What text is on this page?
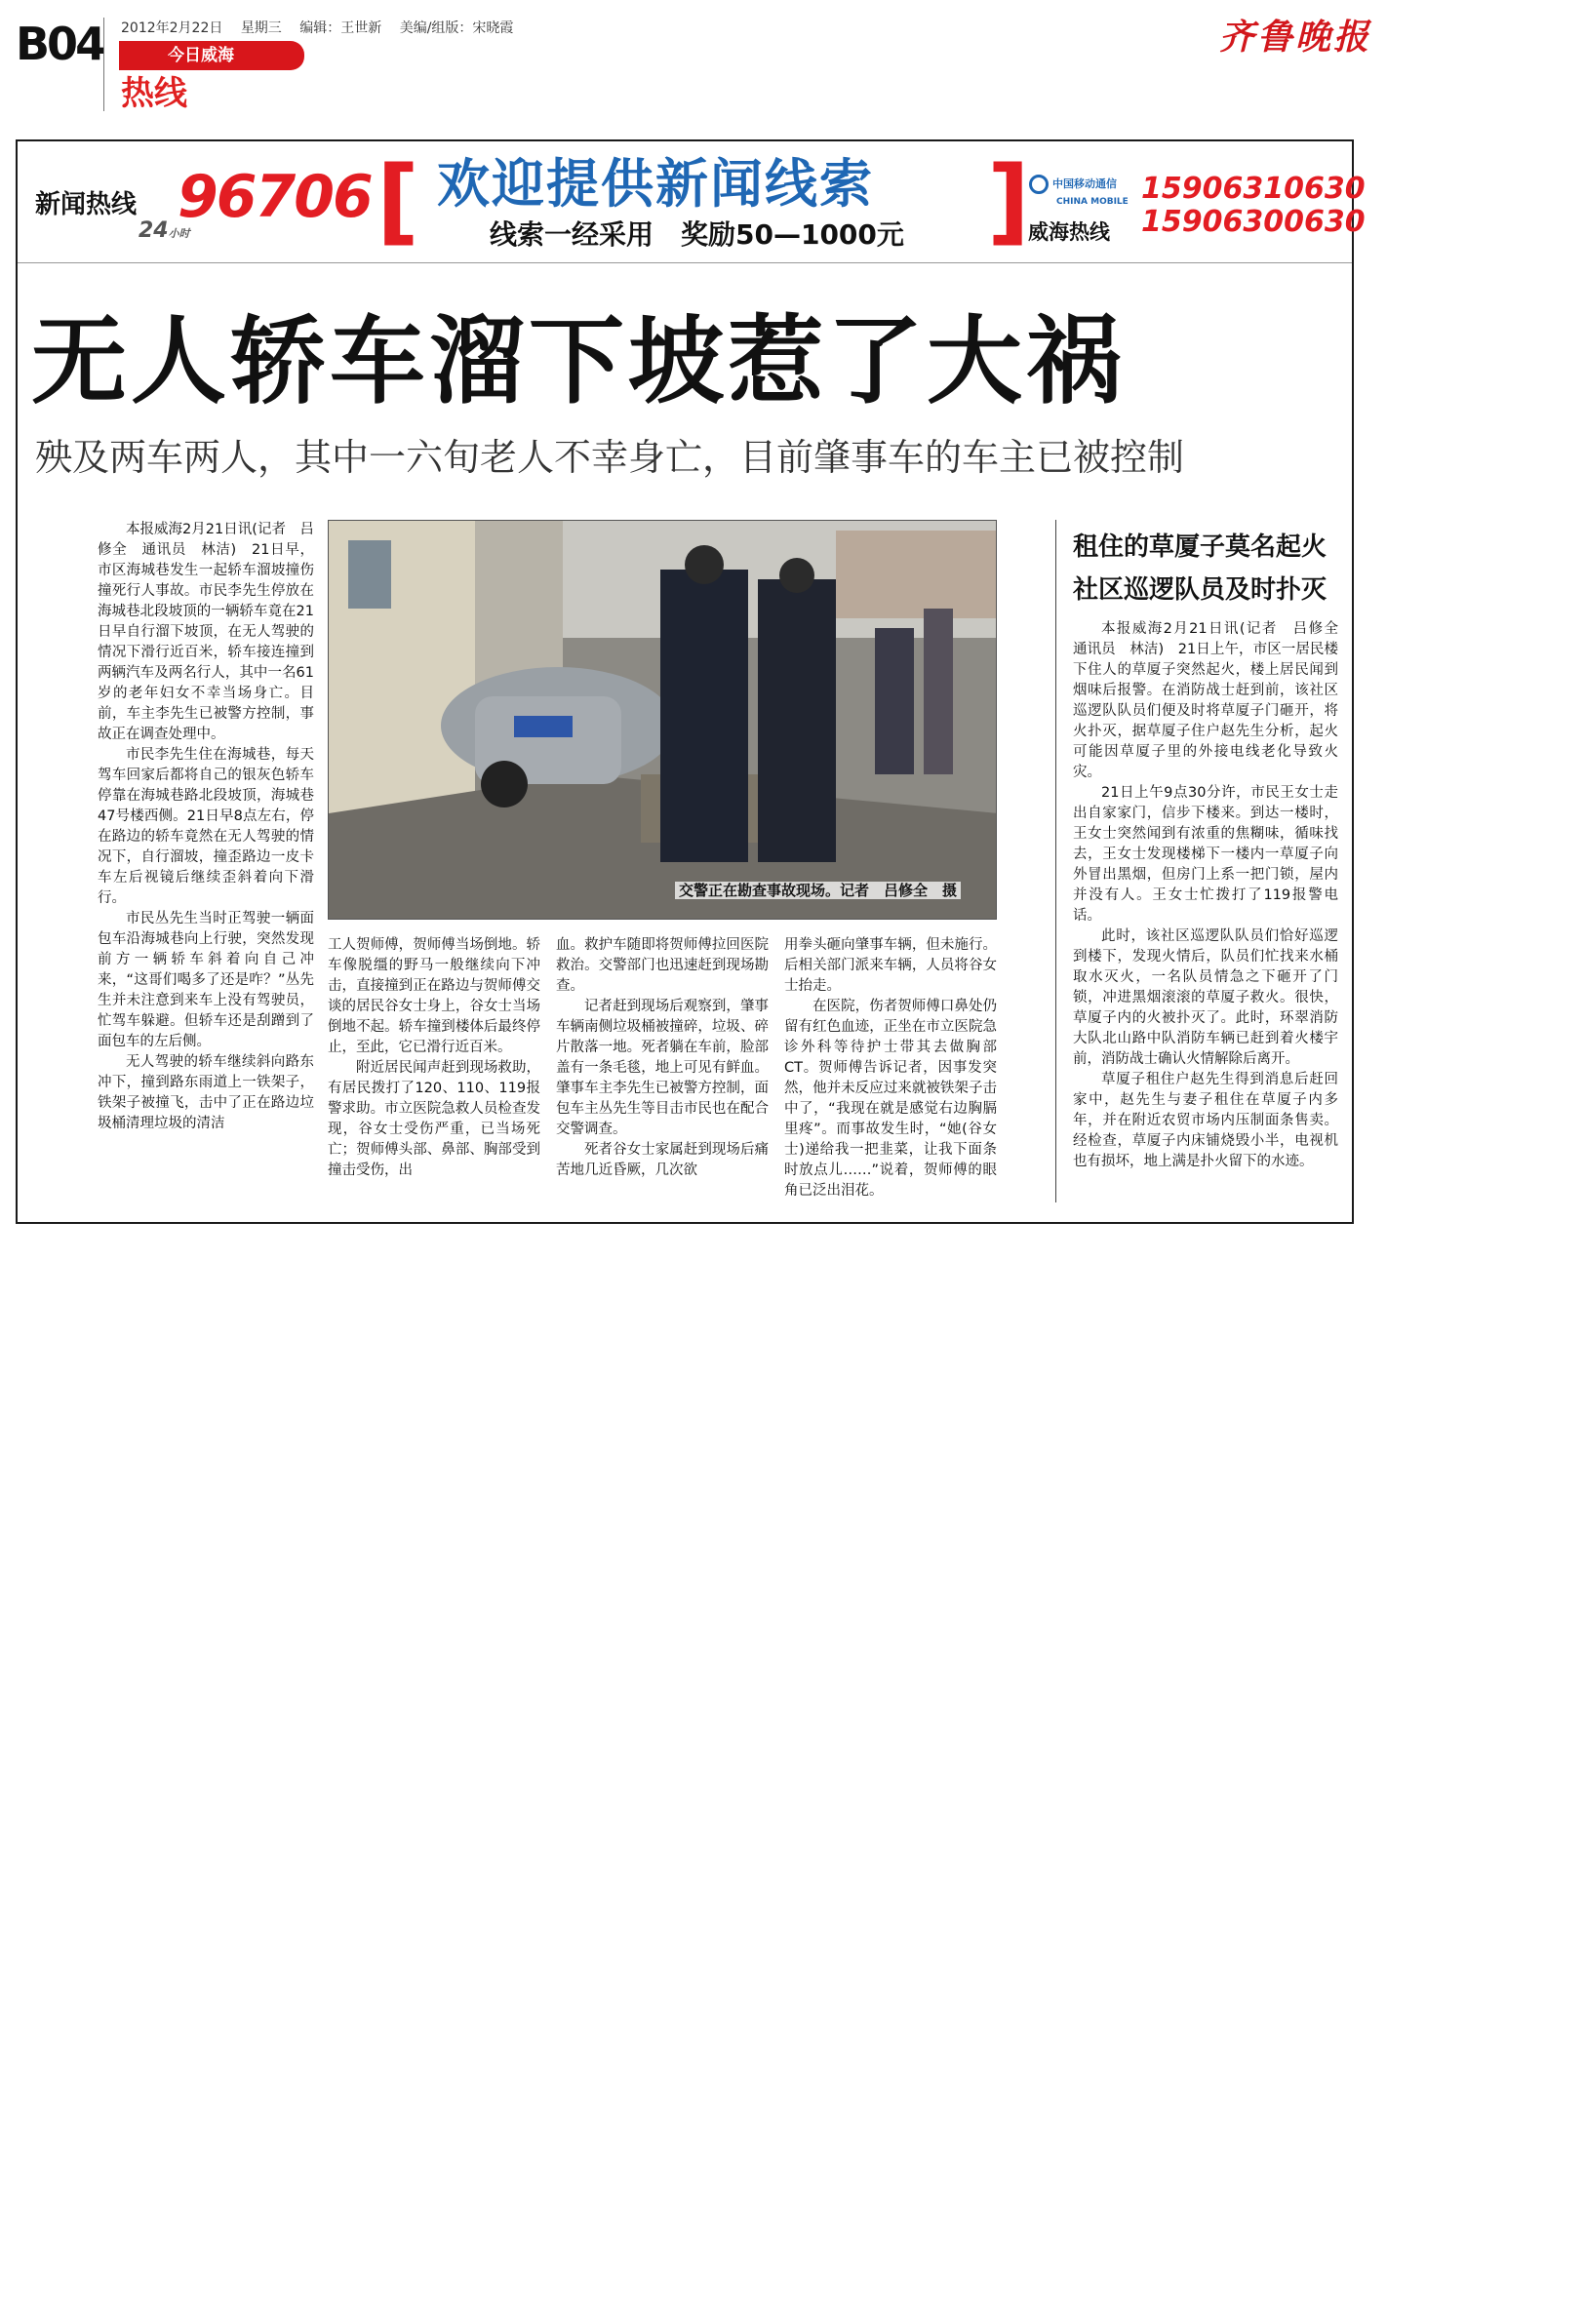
B04 2012年2月22日 星期三 编辑：王世新 美编/组版：宋晓霞
今日威海
热线
齐鲁晚报
新闻热线
24小时
96706 [ 欢迎提供新闻线索
线索一经采用　奖励50—1000元 ]	中国移动通信
CHINA MOBILE
威海热线
15906310630
15906300630
无人轿车溜下坡惹了大祸
殃及两车两人，其中一六旬老人不幸身亡，目前肇事车的车主已被控制

本报威海2月21日讯(记者　吕修全　通讯员　林洁)　21日早，市区海城巷发生一起轿车溜坡撞伤撞死行人事故。市民李先生停放在海城巷北段坡顶的一辆轿车竟在21日早自行溜下坡顶，在无人驾驶的情况下滑行近百米，轿车接连撞到两辆汽车及两名行人，其中一名61岁的老年妇女不幸当场身亡。目前，车主李先生已被警方控制，事故正在调查处理中。

市民李先生住在海城巷，每天驾车回家后都将自己的银灰色轿车停靠在海城巷路北段坡顶，海城巷47号楼西侧。21日早8点左右，停在路边的轿车竟然在无人驾驶的情况下，自行溜坡，撞歪路边一皮卡车左后视镜后继续歪斜着向下滑行。

市民丛先生当时正驾驶一辆面包车沿海城巷向上行驶，突然发现前方一辆轿车斜着向自己冲来，“这哥们喝多了还是咋？”丛先生并未注意到来车上没有驾驶员，忙驾车躲避。但轿车还是刮蹭到了面包车的左后侧。

无人驾驶的轿车继续斜向路东冲下，撞到路东雨道上一铁架子，铁架子被撞飞，击中了正在路边垃圾桶清理垃圾的清洁

工人贺师傅，贺师傅当场倒地。轿车像脱缰的野马一般继续向下冲击，直接撞到正在路边与贺师傅交谈的居民谷女士身上，谷女士当场倒地不起。轿车撞到楼体后最终停止，至此，它已滑行近百米。

附近居民闻声赶到现场救助，有居民拨打了120、110、119报警求助。市立医院急救人员检查发现，谷女士受伤严重，已当场死亡；贺师傅头部、鼻部、胸部受到撞击受伤，出

血。救护车随即将贺师傅拉回医院救治。交警部门也迅速赶到现场勘查。

记者赶到现场后观察到，肇事车辆南侧垃圾桶被撞碎，垃圾、碎片散落一地。死者躺在车前，脸部盖有一条毛毯，地上可见有鲜血。肇事车主李先生已被警方控制，面包车主丛先生等目击市民也在配合交警调查。

死者谷女士家属赶到现场后痛苦地几近昏厥，几次欲

用拳头砸向肇事车辆，但未施行。后相关部门派来车辆，人员将谷女士抬走。

在医院，伤者贺师傅口鼻处仍留有红色血迹，正坐在市立医院急诊外科等待护士带其去做胸部CT。贺师傅告诉记者，因事发突然，他并未反应过来就被铁架子击中了，“我现在就是感觉右边胸膈里疼”。而事故发生时，“她(谷女士)递给我一把韭菜，让我下面条时放点儿……”说着，贺师傅的眼角已泛出泪花。

租住的草厦子莫名起火
社区巡逻队员及时扑灭

本报威海2月21日讯(记者　吕修全　通讯员　林洁)　21日上午，市区一居民楼下住人的草厦子突然起火，楼上居民闻到烟味后报警。在消防战士赶到前，该社区巡逻队队员们便及时将草厦子门砸开，将火扑灭，据草厦子住户赵先生分析，起火可能因草厦子里的外接电线老化导致火灾。

21日上午9点30分许，市民王女士走出自家家门，信步下楼来。到达一楼时，王女士突然闻到有浓重的焦糊味，循味找去，王女士发现楼梯下一楼内一草厦子向外冒出黑烟，但房门上系一把门锁，屋内并没有人。王女士忙拨打了119报警电话。

此时，该社区巡逻队队员们恰好巡逻到楼下，发现火情后，队员们忙找来水桶取水灭火，一名队员情急之下砸开了门锁，冲进黑烟滚滚的草厦子救火。很快，草厦子内的火被扑灭了。此时，环翠消防大队北山路中队消防车辆已赶到着火楼宇前，消防战士确认火情解除后离开。

草厦子租住户赵先生得到消息后赶回家中，赵先生与妻子租住在草厦子内多年，并在附近农贸市场内压制面条售卖。经检查，草厦子内床铺烧毁小半，电视机也有损坏，地上满是扑火留下的水迹。

交警正在勘查事故现场。记者　吕修全　摄
